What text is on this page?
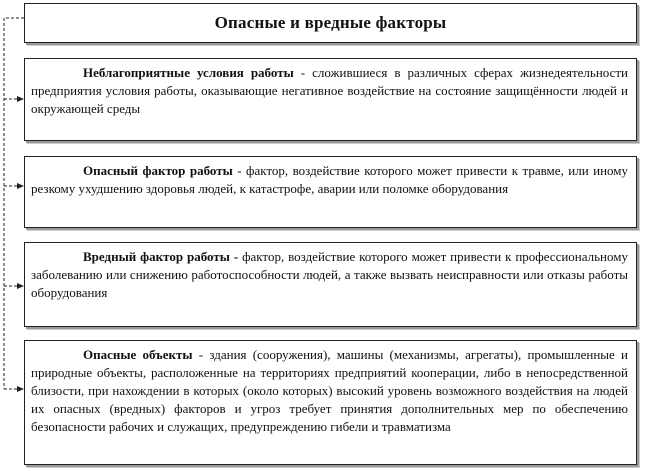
Опасные и вредные факторы
Неблагоприятные условия работы - сложившиеся в различных сферах жизнедеятельности предприятия условия работы, оказывающие негативное воздействие на состояние защищённости людей и окружающей среды
Опасный фактор работы - фактор, воздействие которого может привести к травме, или иному резкому ухудшению здоровья людей, к катастрофе, аварии или поломке оборудования
Вредный фактор работы - фактор, воздействие которого может привести к профессиональному заболеванию или снижению работоспособности людей, а также вызвать неисправности или отказы работы оборудования
Опасные объекты - здания (сооружения), машины (механизмы, агрегаты), промышленные и природные объекты, расположенные на территориях предприятий кооперации, либо в непосредственной близости, при нахождении в которых (около которых) высокий уровень возможного воздействия на людей их опасных (вредных) факторов и угроз требует принятия дополнительных мер по обеспечению безопасности рабочих и служащих, предупреждению гибели и травматизма
